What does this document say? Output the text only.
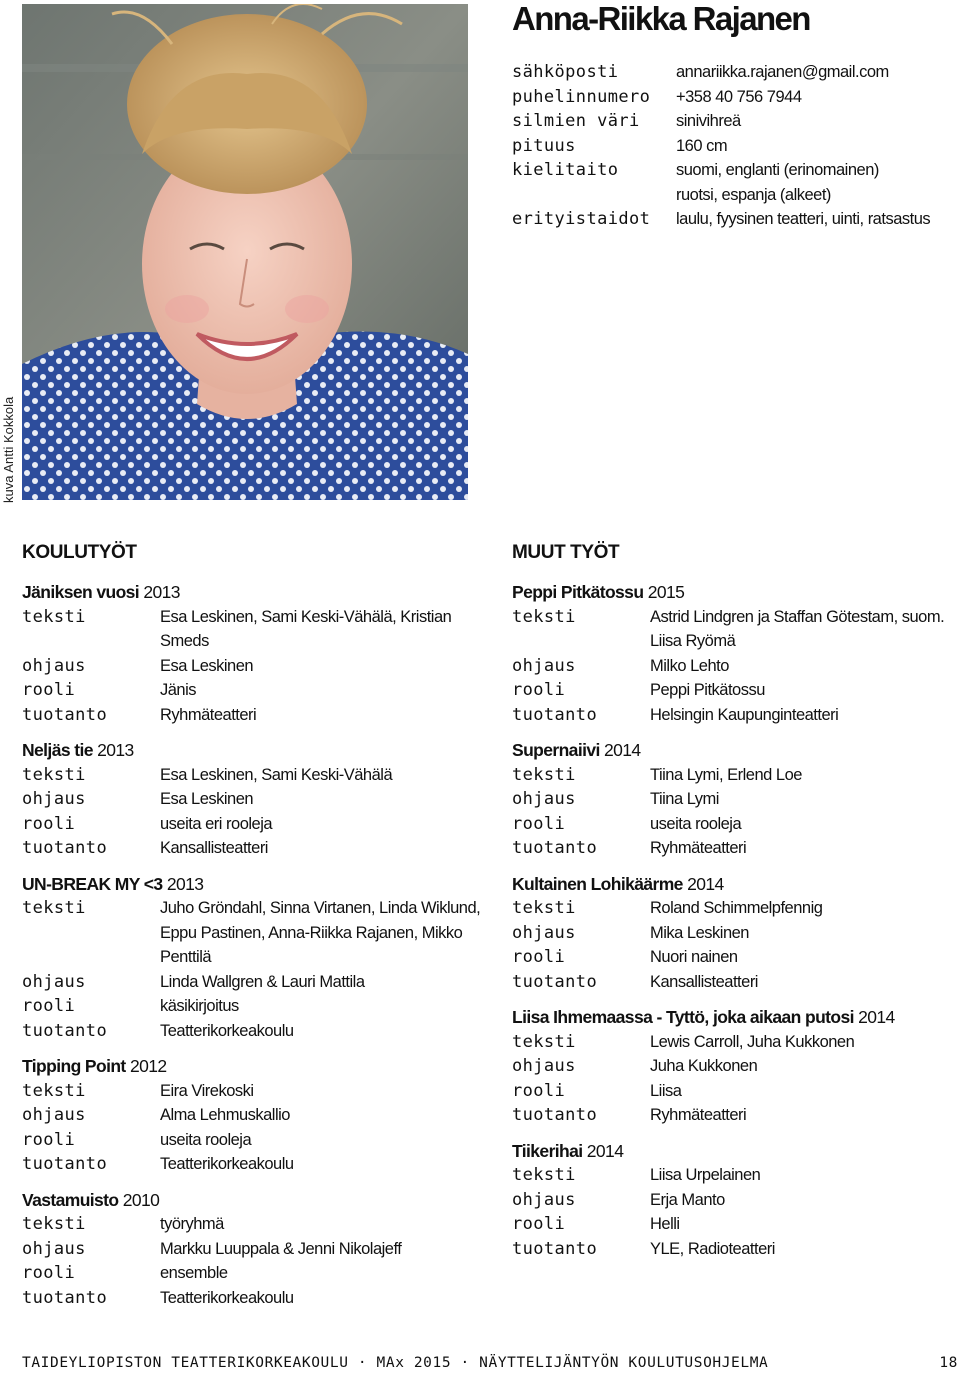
kuva Antti Kokkola
Anna-Riikka Rajanen
sähköposti	annariikka.rajanen@gmail.com
puhelinnumero	+358 40 756 7944
silmien väri	sinivihreä
pituus	160 cm
kielitaito	suomi, englanti (erinomainen)
ruotsi, espanja (alkeet)
erityistaidot	laulu, fyysinen teatteri, uinti, ratsastus
KOULUTYÖT
Jäniksen vuosi 2013
teksti	Esa Leskinen, Sami Keski-Vähälä, Kristian
Smeds
ohjaus	Esa Leskinen
rooli	Jänis
tuotanto	Ryhmäteatteri
Neljäs tie 2013
teksti	Esa Leskinen, Sami Keski-Vähälä
ohjaus	Esa Leskinen
rooli	useita eri rooleja
tuotanto	Kansallisteatteri
UN-BREAK MY <3 2013
teksti	Juho Gröndahl, Sinna Virtanen, Linda Wiklund,
Eppu Pastinen, Anna-Riikka Rajanen, Mikko
Penttilä
ohjaus	Linda Wallgren & Lauri Mattila
rooli	käsikirjoitus
tuotanto	Teatterikorkeakoulu
Tipping Point 2012
teksti	Eira Virekoski
ohjaus	Alma Lehmuskallio
rooli	useita rooleja
tuotanto	Teatterikorkeakoulu
Vastamuisto 2010
teksti	työryhmä
ohjaus	Markku Luuppala & Jenni Nikolajeff
rooli	ensemble
tuotanto	Teatterikorkeakoulu
MUUT TYÖT
Peppi Pitkätossu 2015
teksti	Astrid Lindgren ja Staffan Götestam, suom.
Liisa Ryömä
ohjaus	Milko Lehto
rooli	Peppi Pitkätossu
tuotanto	Helsingin Kaupunginteatteri
Supernaiivi 2014
teksti	Tiina Lymi, Erlend Loe
ohjaus	Tiina Lymi
rooli	useita rooleja
tuotanto	Ryhmäteatteri
Kultainen Lohikäärme 2014
teksti	Roland Schimmelpfennig
ohjaus	Mika Leskinen
rooli	Nuori nainen
tuotanto	Kansallisteatteri
Liisa Ihmemaassa - Tyttö, joka aikaan putosi 2014
teksti	Lewis Carroll, Juha Kukkonen
ohjaus	Juha Kukkonen
rooli	Liisa
tuotanto	Ryhmäteatteri
Tiikerihai 2014
teksti	Liisa Urpelainen
ohjaus	Erja Manto
rooli	Helli
tuotanto	YLE, Radioteatteri
TAIDEYLIOPISTON TEATTERIKORKEAKOULU · MAx 2015 · NÄYTTELIJÄNTYÖN KOULUTUSOHJELMA	18
